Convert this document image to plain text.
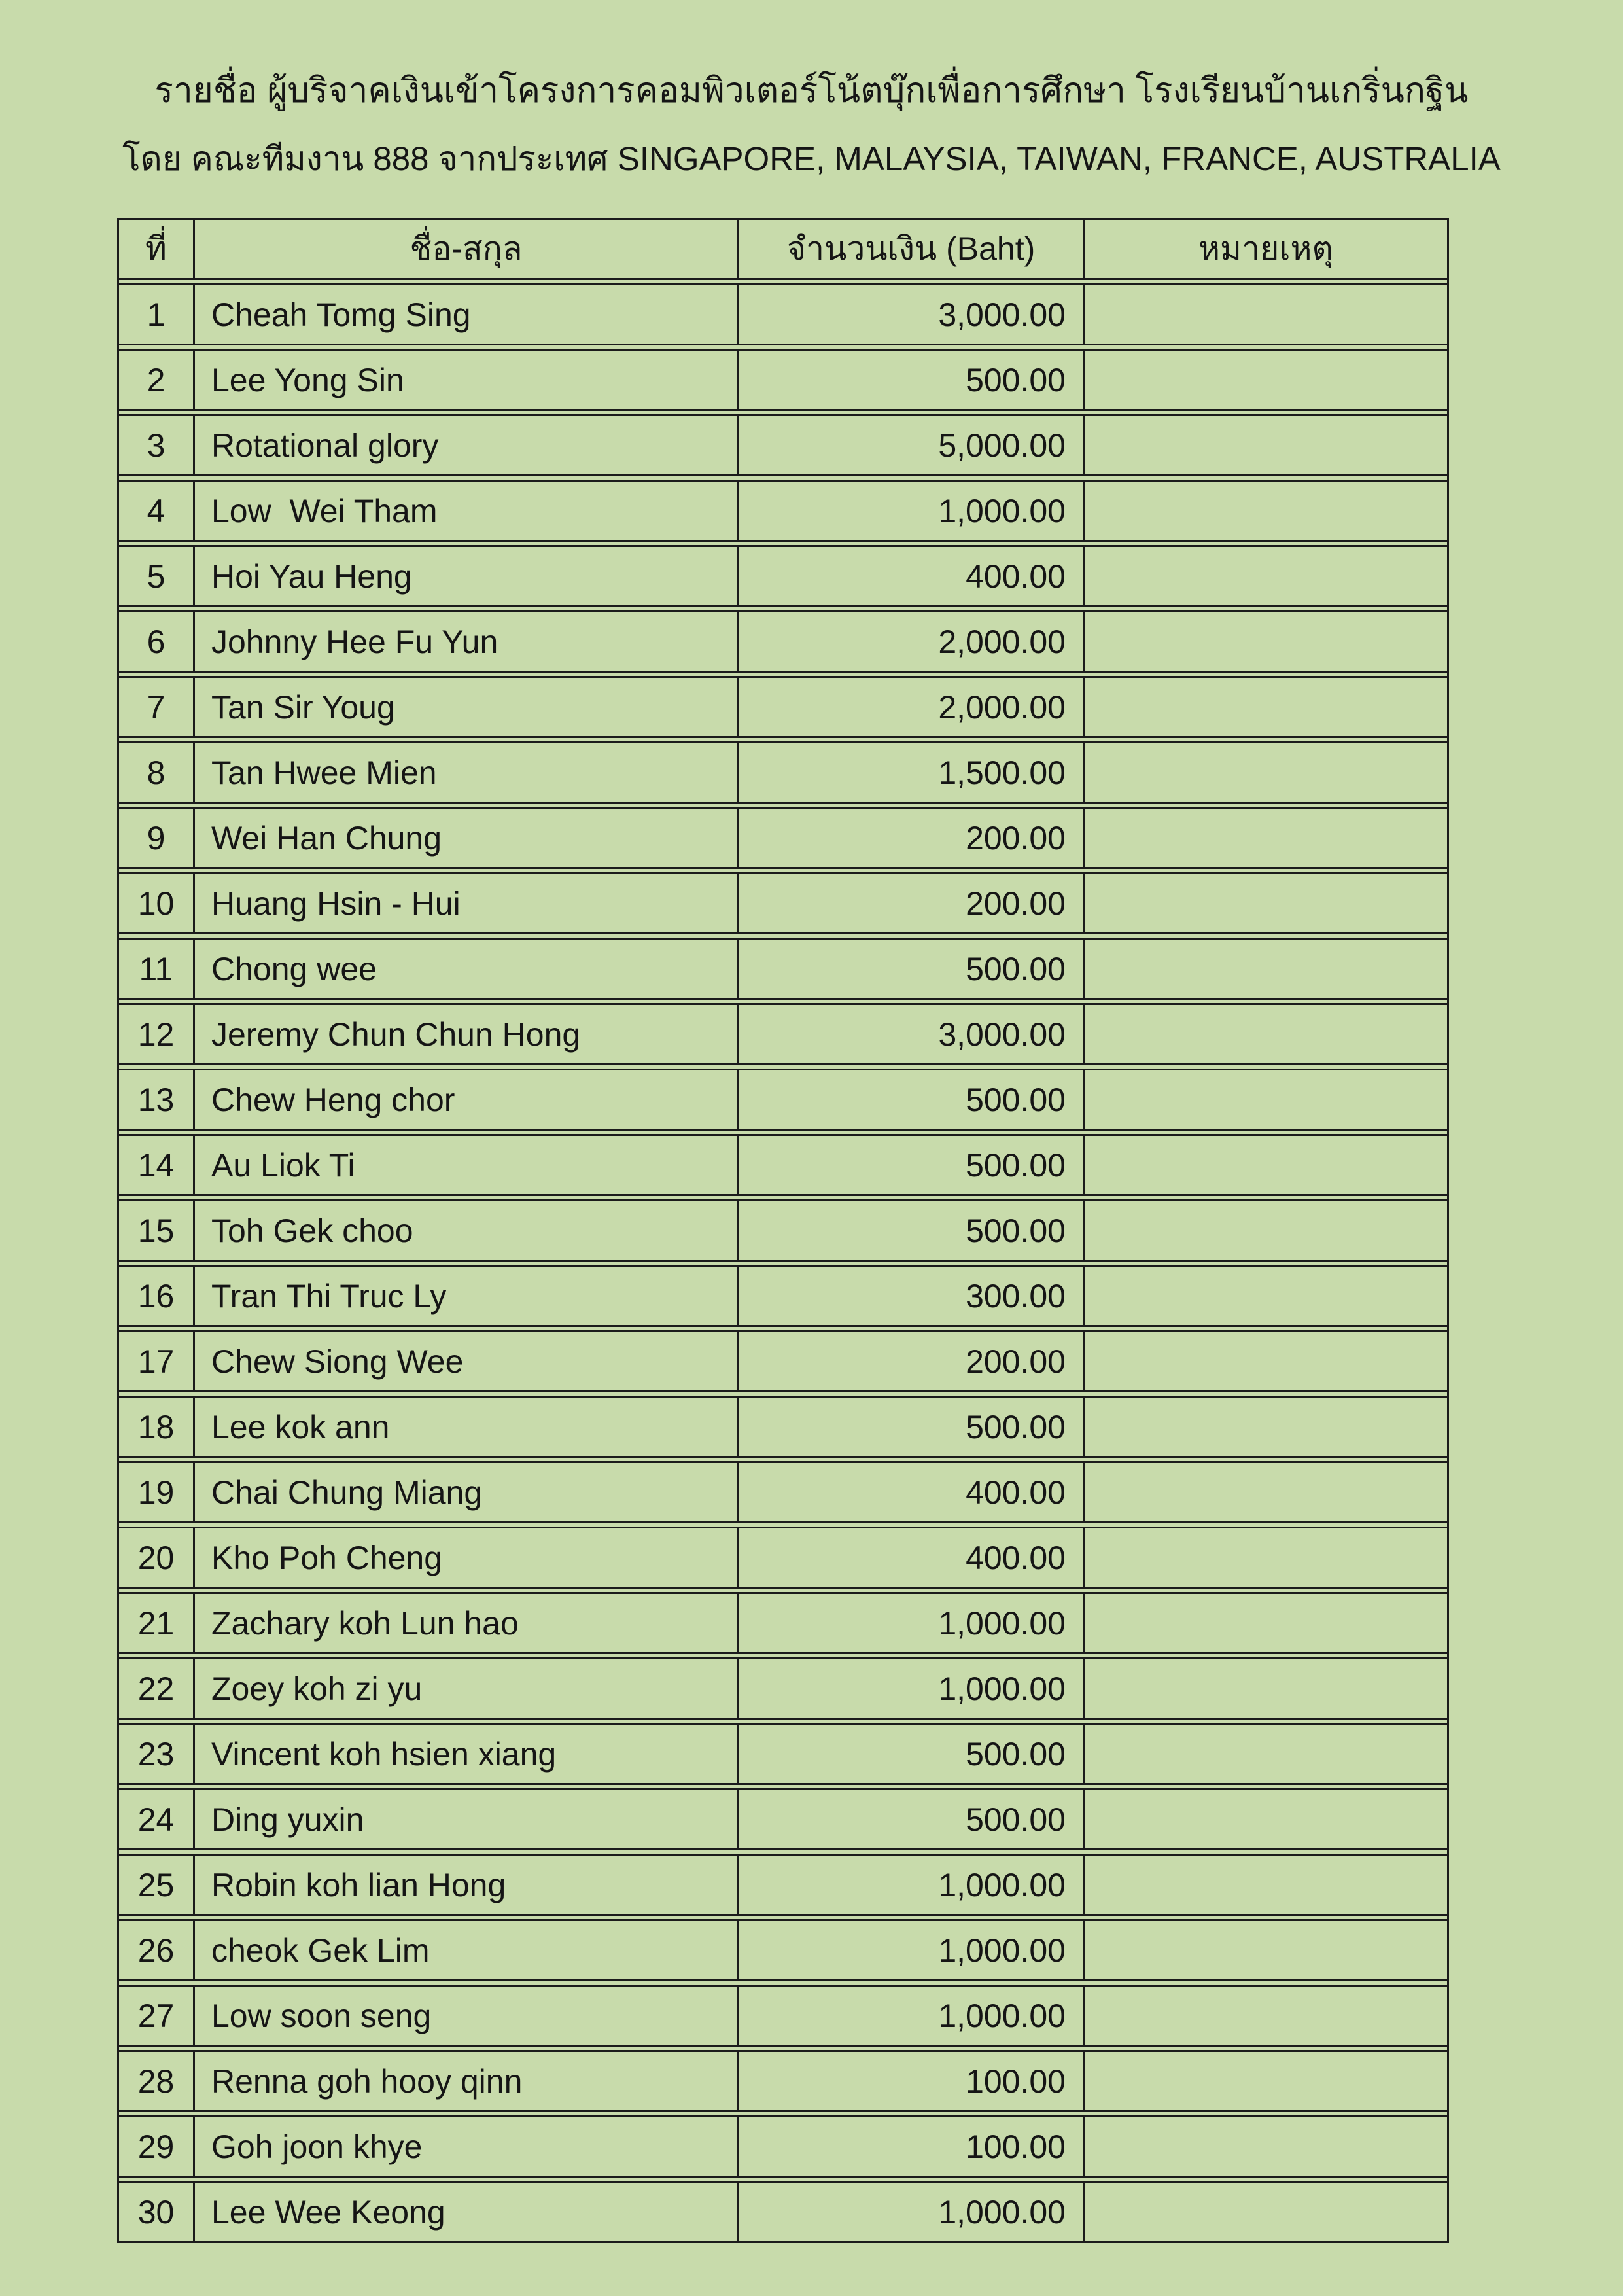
รายชื่อ ผู้บริจาคเงินเข้าโครงการคอมพิวเตอร์โน้ตบุ๊กเพื่อการศึกษา โรงเรียนบ้านเกริ่นกฐิน
โดย คณะทีมงาน 888 จากประเทศ SINGAPORE, MALAYSIA, TAIWAN, FRANCE, AUSTRALIA
ที่	ชื่อ-สกุล	จำนวนเงิน (Baht)	หมายเหตุ
1	Cheah Tomg Sing	3,000.00
2	Lee Yong Sin	500.00
3	Rotational glory	5,000.00
4	Low  Wei Tham	1,000.00
5	Hoi Yau Heng	400.00
6	Johnny Hee Fu Yun	2,000.00
7	Tan Sir Youg	2,000.00
8	Tan Hwee Mien	1,500.00
9	Wei Han Chung	200.00
10	Huang Hsin - Hui	200.00
11	Chong wee	500.00
12	Jeremy Chun Chun Hong	3,000.00
13	Chew Heng chor	500.00
14	Au Liok Ti	500.00
15	Toh Gek choo	500.00
16	Tran Thi Truc Ly	300.00
17	Chew Siong Wee	200.00
18	Lee kok ann	500.00
19	Chai Chung Miang	400.00
20	Kho Poh Cheng	400.00
21	Zachary koh Lun hao	1,000.00
22	Zoey koh zi yu	1,000.00
23	Vincent koh hsien xiang	500.00
24	Ding yuxin	500.00
25	Robin koh lian Hong	1,000.00
26	cheok Gek Lim	1,000.00
27	Low soon seng	1,000.00
28	Renna goh hooy qinn	100.00
29	Goh joon khye	100.00
30	Lee Wee Keong	1,000.00
